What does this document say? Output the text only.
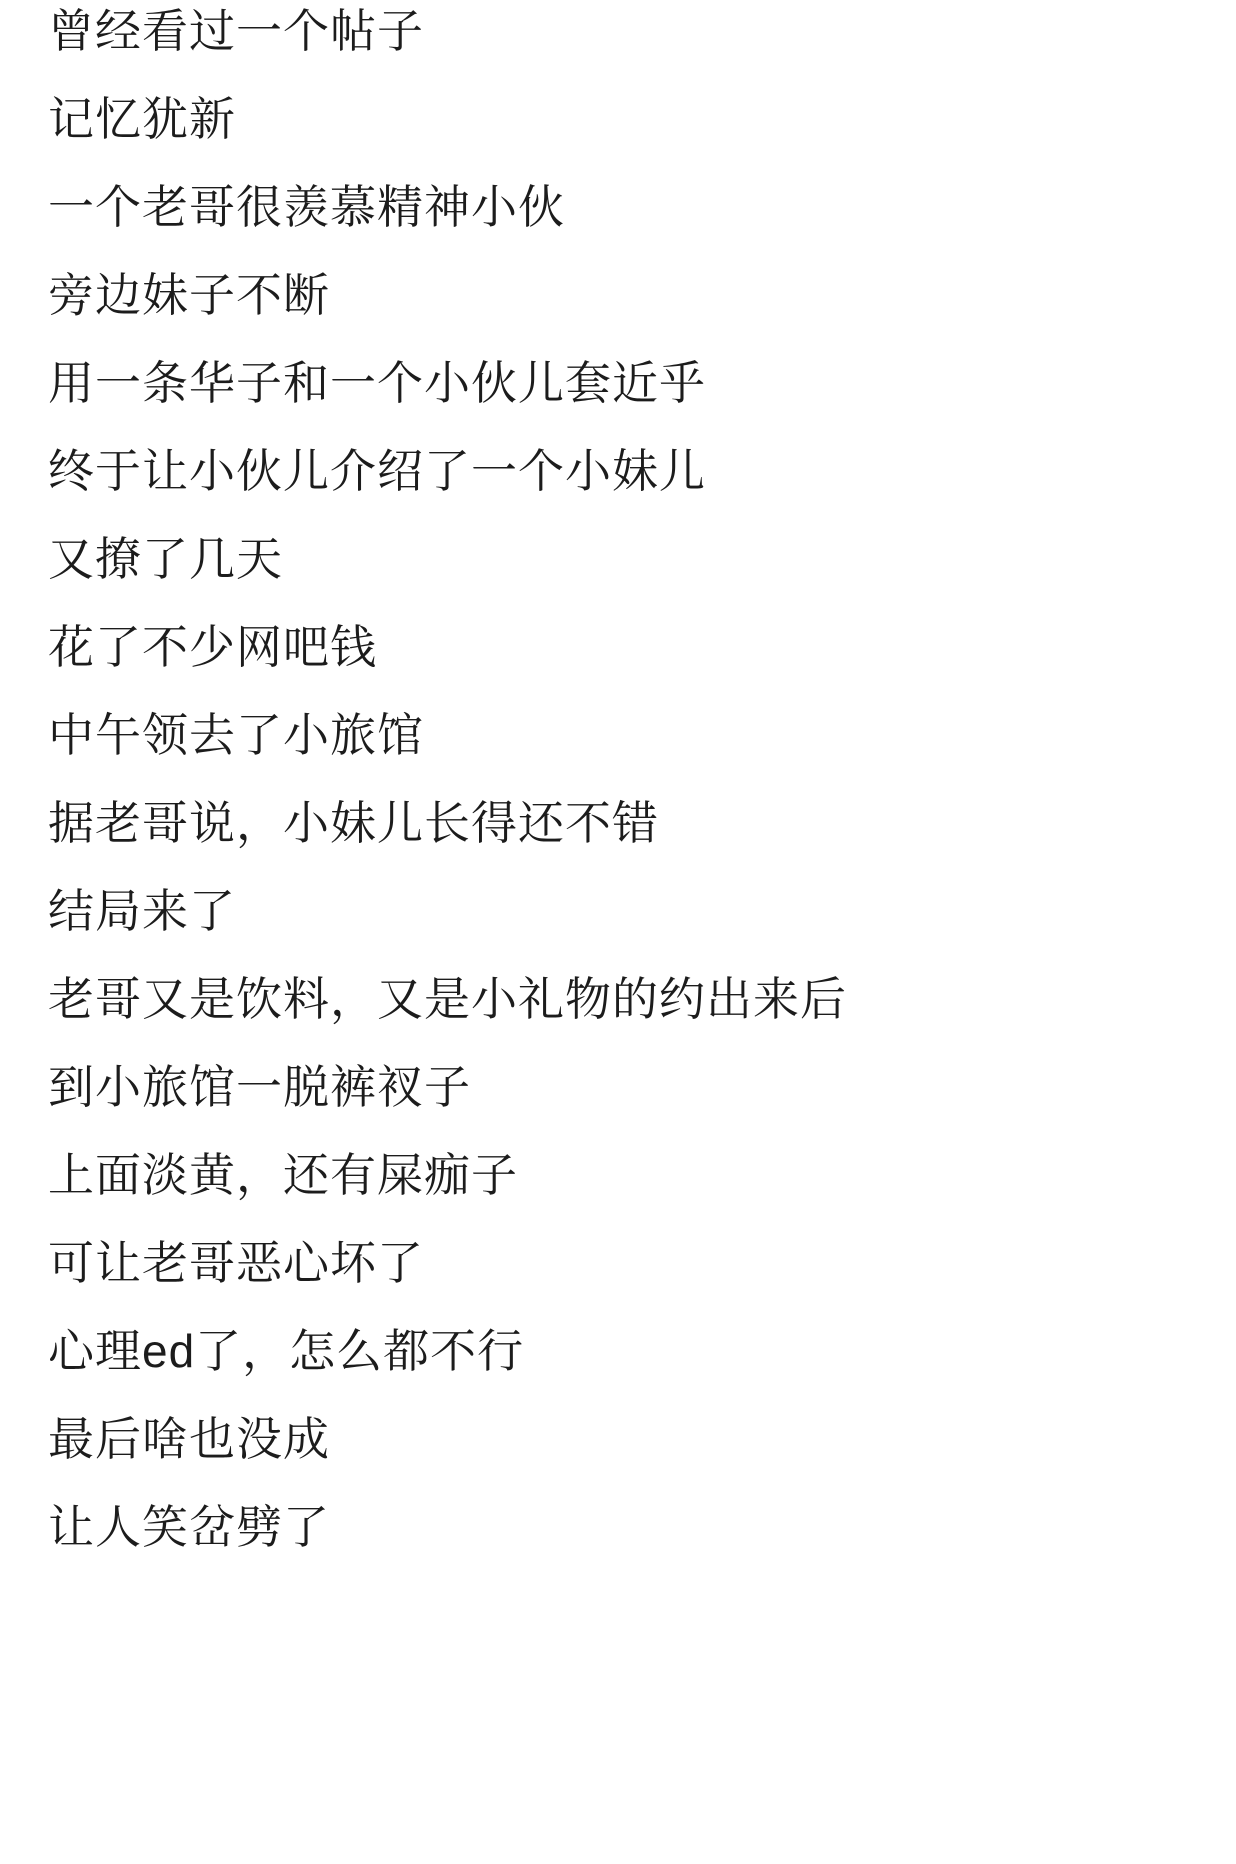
曾经看过一个帖子

记忆犹新

一个老哥很羡慕精神小伙

旁边妹子不断

用一条华子和一个小伙儿套近乎

终于让小伙儿介绍了一个小妹儿

又撩了几天

花了不少网吧钱

中午领去了小旅馆

据老哥说，小妹儿长得还不错

结局来了

老哥又是饮料，又是小礼物的约出来后

到小旅馆一脱裤衩子

上面淡黄，还有屎痂子

可让老哥恶心坏了

心理ed了，怎么都不行

最后啥也没成

让人笑岔劈了
